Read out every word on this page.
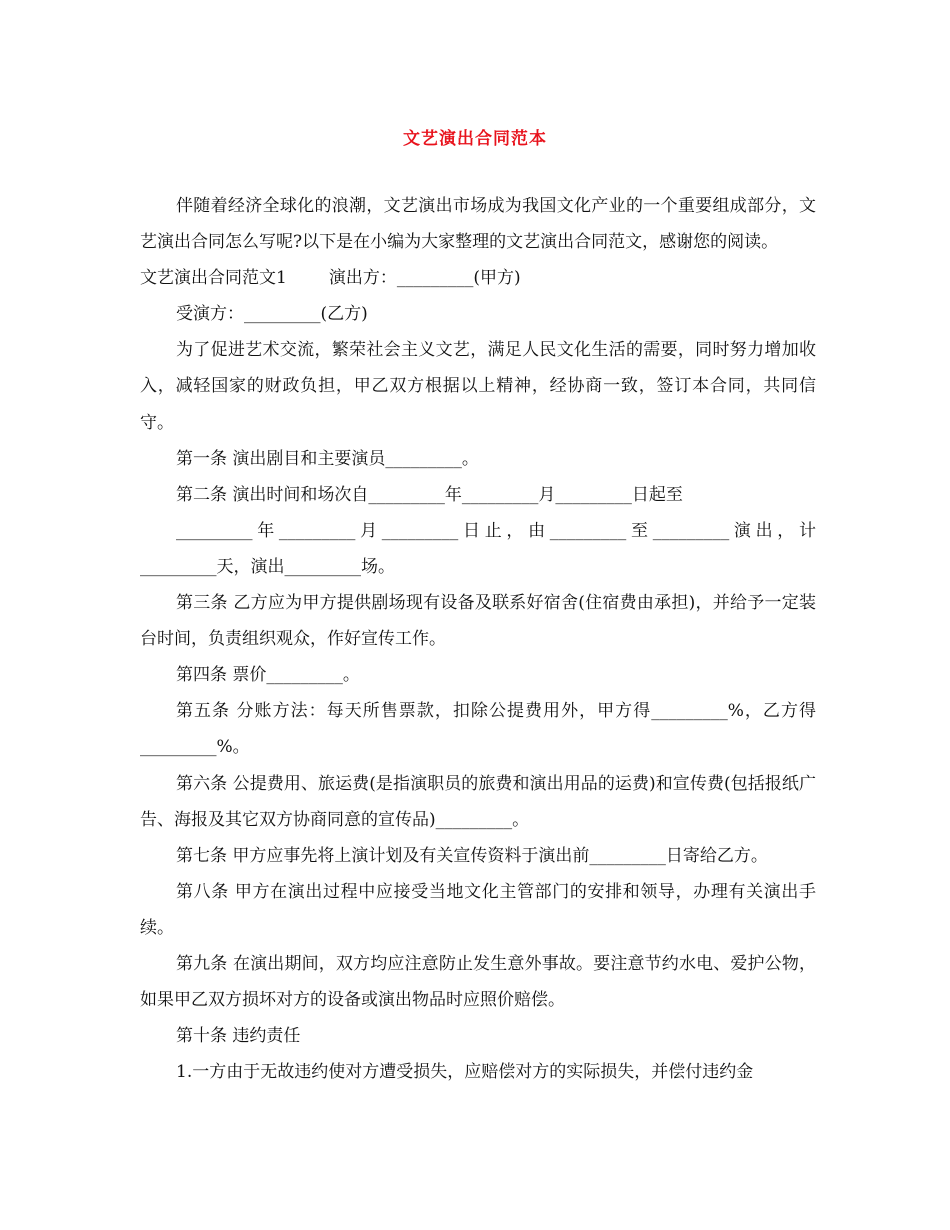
文艺演出合同范本

伴随着经济全球化的浪潮，文艺演出市场成为我国文化产业的一个重要组成部分，文艺演出合同怎么写呢?以下是在小编为大家整理的文艺演出合同范文，感谢您的阅读。

文艺演出合同范文1 演出方：_________(甲方)

受演方：_________(乙方)

为了促进艺术交流，繁荣社会主义文艺，满足人民文化生活的需要，同时努力增加收入，减轻国家的财政负担，甲乙双方根据以上精神，经协商一致，签订本合同，共同信守。

第一条 演出剧目和主要演员_________。

第二条 演出时间和场次自_________年_________月_________日起至

_________年_________月_________日止，由_________至_________演出，计_________天，演出_________场。

第三条 乙方应为甲方提供剧场现有设备及联系好宿舍(住宿费由承担)，并给予一定装台时间，负责组织观众，作好宣传工作。

第四条 票价_________。

第五条 分账方法：每天所售票款，扣除公提费用外，甲方得_________%，乙方得_________%。

第六条 公提费用、旅运费(是指演职员的旅费和演出用品的运费)和宣传费(包括报纸广告、海报及其它双方协商同意的宣传品)_________。

第七条 甲方应事先将上演计划及有关宣传资料于演出前_________日寄给乙方。

第八条 甲方在演出过程中应接受当地文化主管部门的安排和领导，办理有关演出手续。

第九条 在演出期间，双方均应注意防止发生意外事故。要注意节约水电、爱护公物，如果甲乙双方损坏对方的设备或演出物品时应照价赔偿。

第十条 违约责任

1.一方由于无故违约使对方遭受损失，应赔偿对方的实际损失，并偿付违约金
